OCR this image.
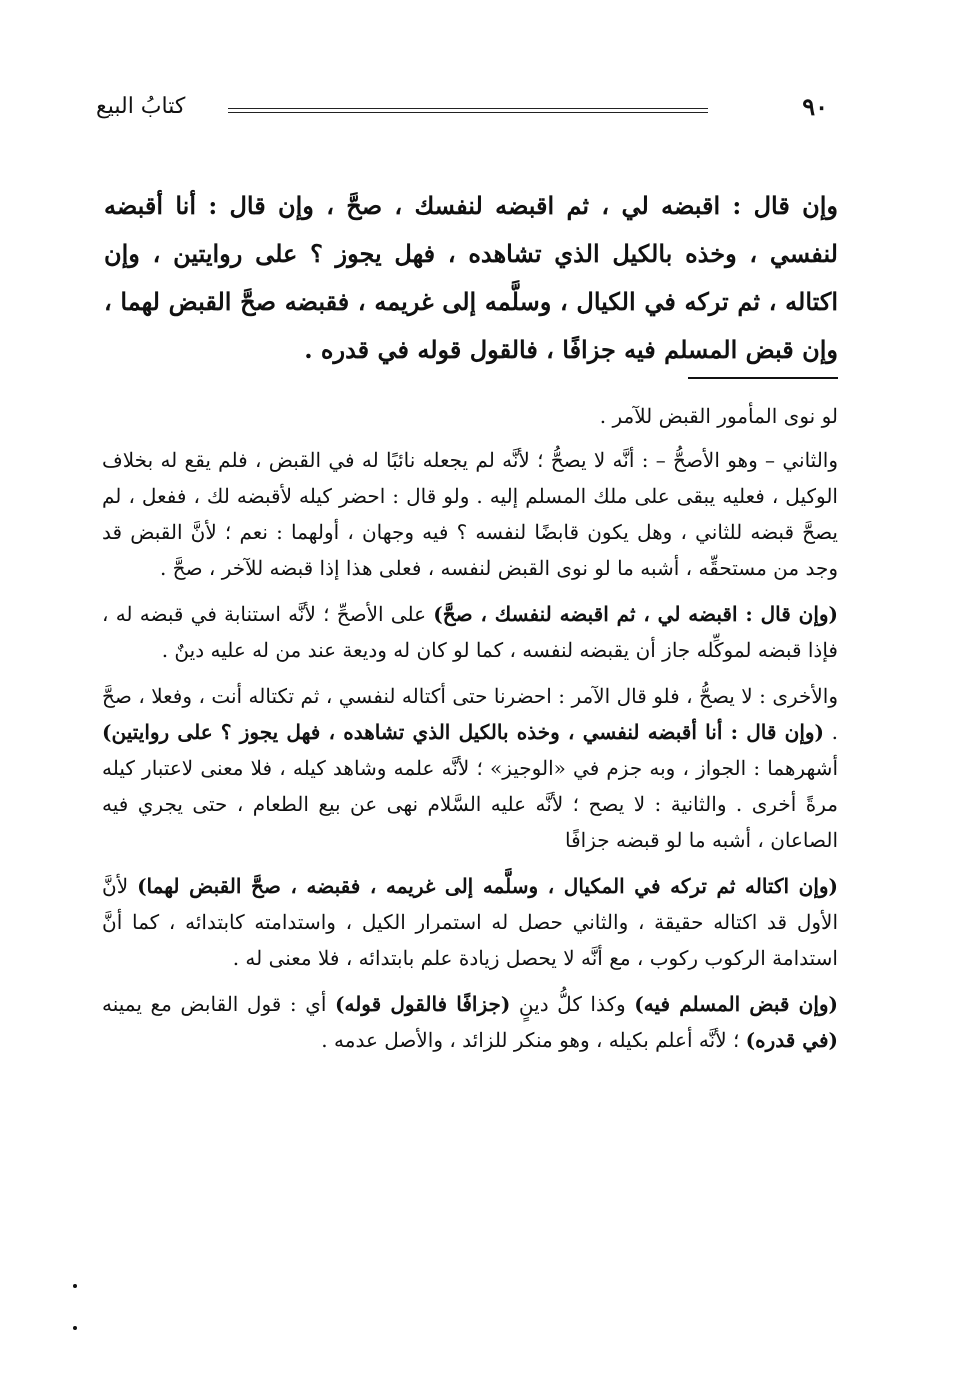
٩٠
كتابُ البيع

وإن قال : اقبضه لي ، ثم اقبضه لنفسك ، صحَّ ، وإن قال : أنا أقبضه لنفسي ، وخذه بالكيل الذي تشاهده ، فهل يجوز ؟ على روايتين ، وإن اكتاله ، ثم تركه في الكيال ، وسلَّمه إلى غريمه ، فقبضه صحَّ القبض لهما ، وإن قبض المسلم فيه جزافًا ، فالقول قوله في قدره .

لو نوى المأمور القبض للآمر .

والثاني – وهو الأصحُّ – : أنَّه لا يصحُّ ؛ لأنَّه لم يجعله نائبًا له في القبض ، فلم يقع له بخلاف الوكيل ، فعليه يبقى على ملك المسلم إليه . ولو قال : احضر كيله لأقبضه لك ، ففعل ، لم يصحَّ قبضه للثاني ، وهل يكون قابضًا لنفسه ؟ فيه وجهان ، أولهما : نعم ؛ لأنَّ القبض قد وجد من مستحقِّه ، أشبه ما لو نوى القبض لنفسه ، فعلى هذا إذا قبضه للآخر ، صحَّ .

(وإن قال : اقبضه لي ، ثم اقبضه لنفسك ، صحَّ) على الأصحِّ ؛ لأنَّه استنابة في قبضه له ، فإذا قبضه لموكِّله جاز أن يقبضه لنفسه ، كما لو كان له وديعة عند من له عليه دينٌ .

والأخرى : لا يصحُّ ، فلو قال الآمر : احضرنا حتى أكتاله لنفسي ، ثم تكتاله أنت ، وفعلا ، صحَّ . (وإن قال : أنا أقبضه لنفسي ، وخذه بالكيل الذي تشاهده ، فهل يجوز ؟ على روايتين) أشهرهما : الجواز ، وبه جزم في «الوجيز» ؛ لأنَّه علمه وشاهد كيله ، فلا معنى لاعتبار كيله مرةً أخرى . والثانية : لا يصح ؛ لأنَّه عليه السَّلام نهى عن بيع الطعام ، حتى يجري فيه الصاعان ، أشبه ما لو قبضه جزافًا

(وإن اكتاله ثم تركه في المكيال ، وسلَّمه إلى غريمه ، فقبضه ، صحَّ القبض لهما) لأنَّ الأول قد اكتاله حقيقة ، والثاني حصل له استمرار الكيل ، واستدامته كابتدائه ، كما أنَّ استدامة الركوب ركوب ، مع أنَّه لا يحصل زيادة علم بابتدائه ، فلا معنى له .

(وإن قبض المسلم فيه) وكذا كلُّ دينٍ (جزافًا فالقول قوله) أي : قول القابض مع يمينه (في قدره) ؛ لأنَّه أعلم بكيله ، وهو منكر للزائد ، والأصل عدمه .
